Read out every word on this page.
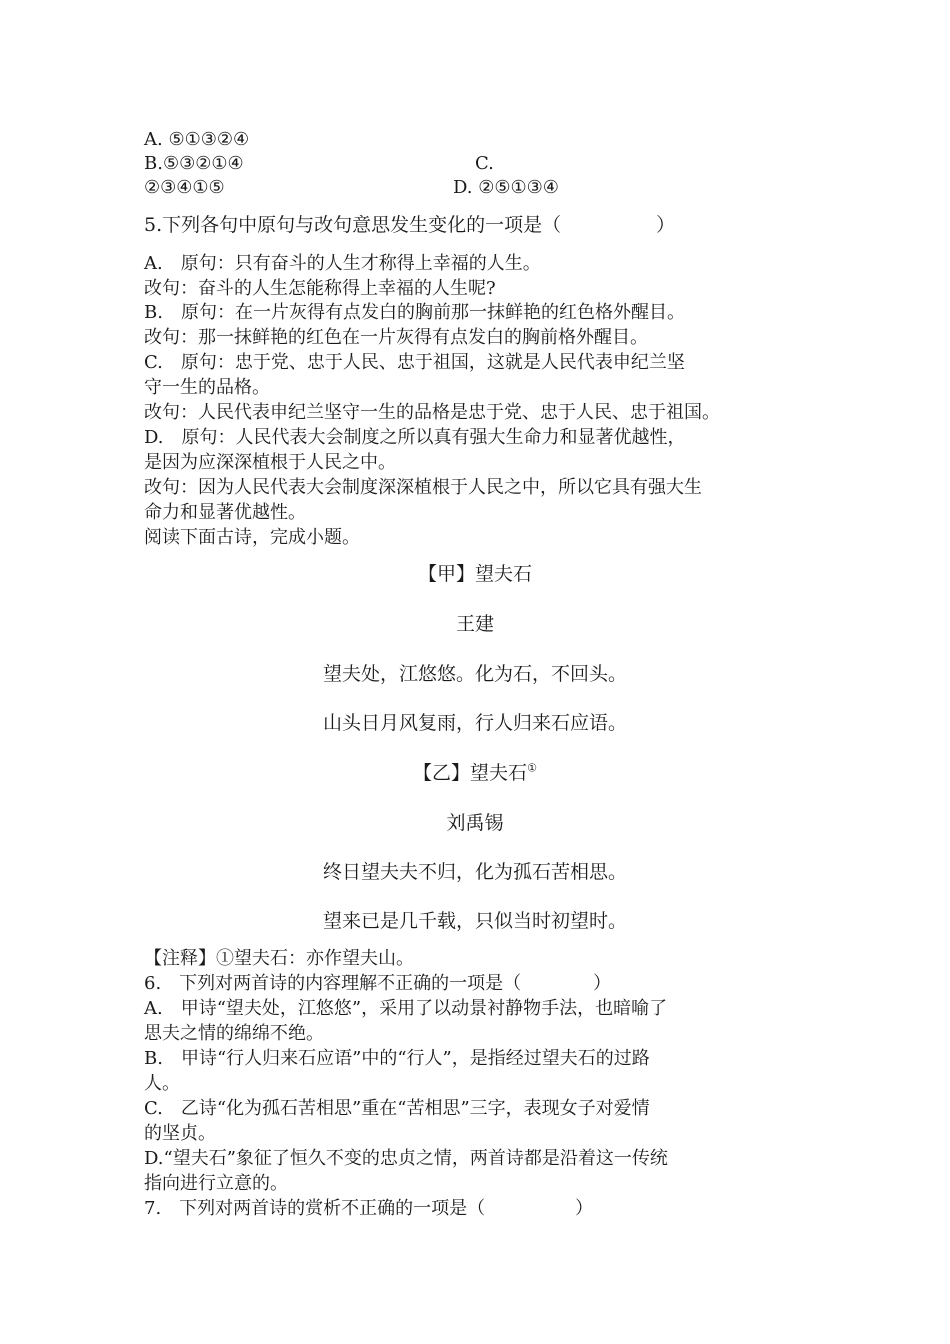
A. ⑤①③②④
B.⑤③②①④	C.
②③④①⑤	D. ②⑤①③④
5.下列各句中原句与改句意思发生变化的一项是（　　　　　）
A.　原句：只有奋斗的人生才称得上幸福的人生。
改句：奋斗的人生怎能称得上幸福的人生呢?
B.　原句：在一片灰得有点发白的胸前那一抹鲜艳的红色格外醒目。
改句：那一抹鲜艳的红色在一片灰得有点发白的胸前格外醒目。
C.　原句：忠于党、忠于人民、忠于祖国，这就是人民代表申纪兰坚
守一生的品格。
改句：人民代表申纪兰坚守一生的品格是忠于党、忠于人民、忠于祖国。
D.　原句：人民代表大会制度之所以真有强大生命力和显著优越性，
是因为应深深植根于人民之中。
改句：因为人民代表大会制度深深植根于人民之中，所以它具有强大生
命力和显著优越性。
阅读下面古诗，完成小题。
【甲】望夫石
王建
望夫处，江悠悠。化为石，不回头。
山头日月风复雨，行人归来石应语。
【乙】望夫石①
刘禹锡
终日望夫夫不归，化为孤石苦相思。
望来已是几千载，只似当时初望时。
【注释】①望夫石：亦作望夫山。
6.　下列对两首诗的内容理解不正确的一项是（　　　　）
A.　甲诗“望夫处，江悠悠”，采用了以动景衬静物手法，也暗喻了
思夫之情的绵绵不绝。
B.　甲诗“行人归来石应语”中的“行人”，是指经过望夫石的过路
人。
C.　乙诗“化为孤石苦相思”重在“苦相思”三字，表现女子对爱情
的坚贞。
D.“望夫石”象征了恒久不变的忠贞之情，两首诗都是沿着这一传统
指向进行立意的。
7.　下列对两首诗的赏析不正确的一项是（　　　　　）
